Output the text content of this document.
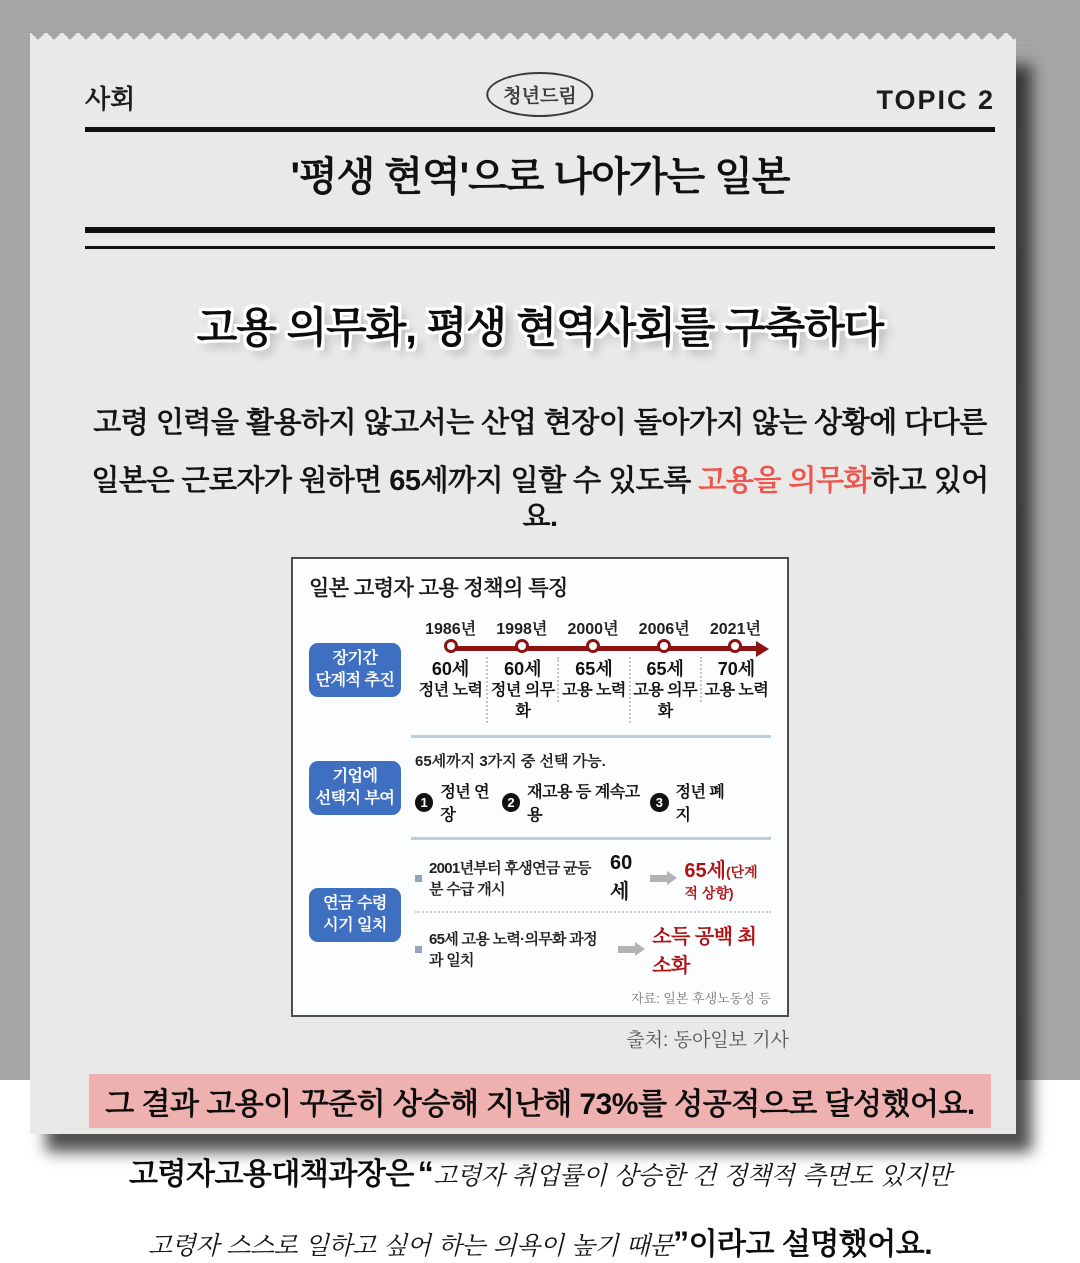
사회	청년드림	TOPIC 2
'평생 현역'으로 나아가는 일본
고용 의무화, 평생 현역사회를 구축하다

고령 인력을 활용하지 않고서는 산업 현장이 돌아가지 않는 상황에 다다른

일본은 근로자가 원하면 65세까지 일할 수 있도록 고용을 의무화하고 있어요.

일본 고령자 고용 정책의 특징
장기간
단계적 추진
1986년
60세
정년 노력
1998년
60세
정년 의무화
2000년
65세
고용 노력
2006년
65세
고용 의무화
2021년
70세
고용 노력
기업에
선택지 부여
65세까지 3가지 중 선택 가능.
1
정년 연장
2
재고용 등 계속고용
3
정년 폐지
연금 수령
시기 일치
2001년부터 후생연금 균등분 수급 개시
60세
65세(단계적 상향)
65세 고용 노력·의무화 과정과 일치
소득 공백 최소화
자료: 일본 후생노동성 등
출처: 동아일보 기사
그 결과 고용이 꾸준히 상승해 지난해 73%를 성공적으로 달성했어요.

고령자고용대책과장은 “고령자 취업률이 상승한 건 정책적 측면도 있지만

고령자 스스로 일하고 싶어 하는 의욕이 높기 때문”이라고 설명했어요.
